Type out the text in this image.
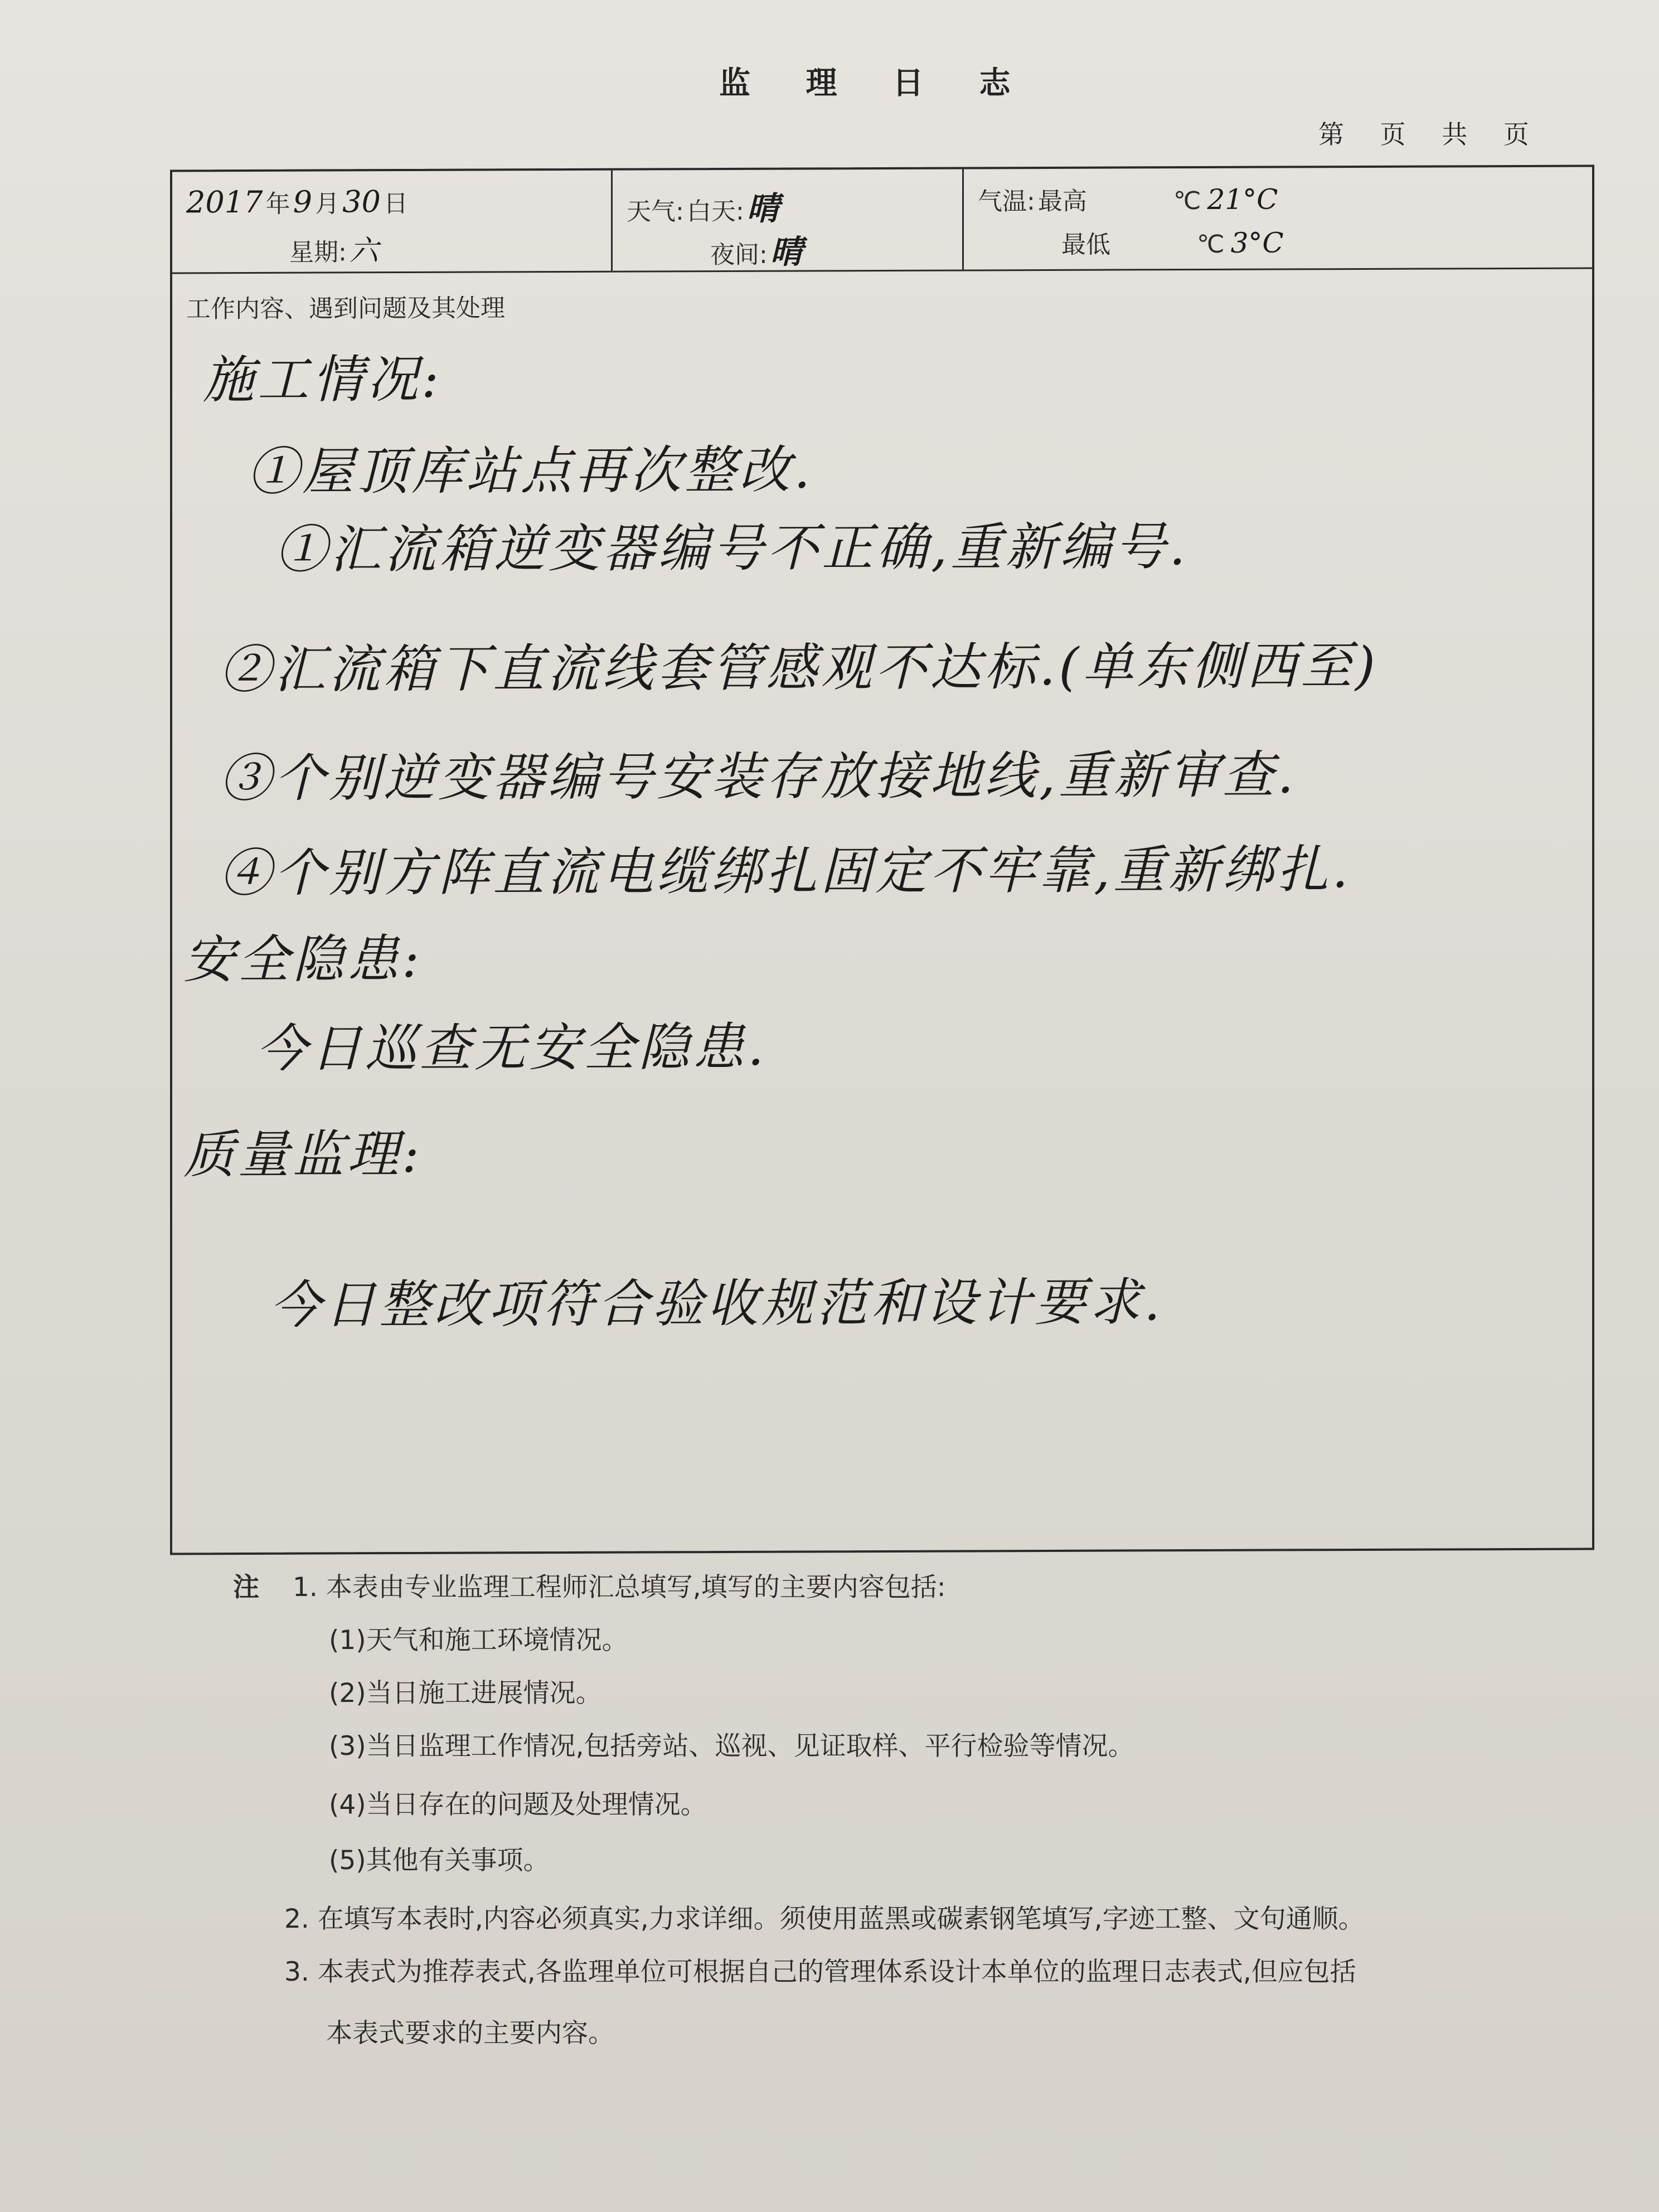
监 理 日 志
第 页 共 页
2017 年 9 月 30 日
星期: 六
天气: 白天: 晴
夜间: 晴
气温: 最高	℃ 21°C
最低	℃ 3°C
工作内容、遇到问题及其处理
施工情况:
①屋顶库站点再次整改.
①汇流箱逆变器编号不正确,重新编号.
②汇流箱下直流线套管感观不达标.(单东侧西至)
③个别逆变器编号安装存放接地线,重新审查.
④个别方阵直流电缆绑扎固定不牢靠,重新绑扎.
安全隐患:
今日巡查无安全隐患.
质量监理:
今日整改项符合验收规范和设计要求.
注 1. 本表由专业监理工程师汇总填写,填写的主要内容包括:
(1)天气和施工环境情况。
(2)当日施工进展情况。
(3)当日监理工作情况,包括旁站、巡视、见证取样、平行检验等情况。
(4)当日存在的问题及处理情况。
(5)其他有关事项。
2. 在填写本表时,内容必须真实,力求详细。须使用蓝黑或碳素钢笔填写,字迹工整、文句通顺。
3. 本表式为推荐表式,各监理单位可根据自己的管理体系设计本单位的监理日志表式,但应包括
本表式要求的主要内容。
